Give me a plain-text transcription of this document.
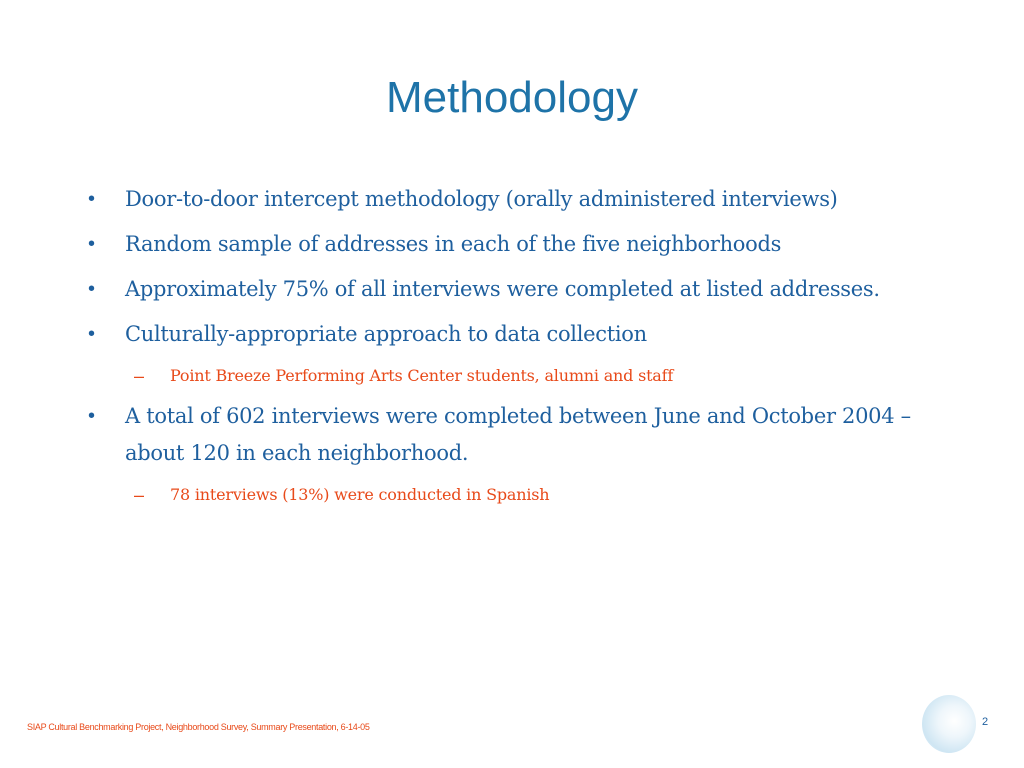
Methodology
• Door-to-door intercept methodology (orally administered interviews)
• Random sample of addresses in each of the five neighborhoods
• Approximately 75% of all interviews were completed at listed addresses.
• Culturally-appropriate approach to data collection
– Point Breeze Performing Arts Center students, alumni and staff
• A total of 602 interviews were completed between June and October 2004 – about 120 in each neighborhood.
– 78 interviews (13%) were conducted in Spanish
SIAP Cultural Benchmarking Project, Neighborhood Survey, Summary Presentation, 6-14-05	2
